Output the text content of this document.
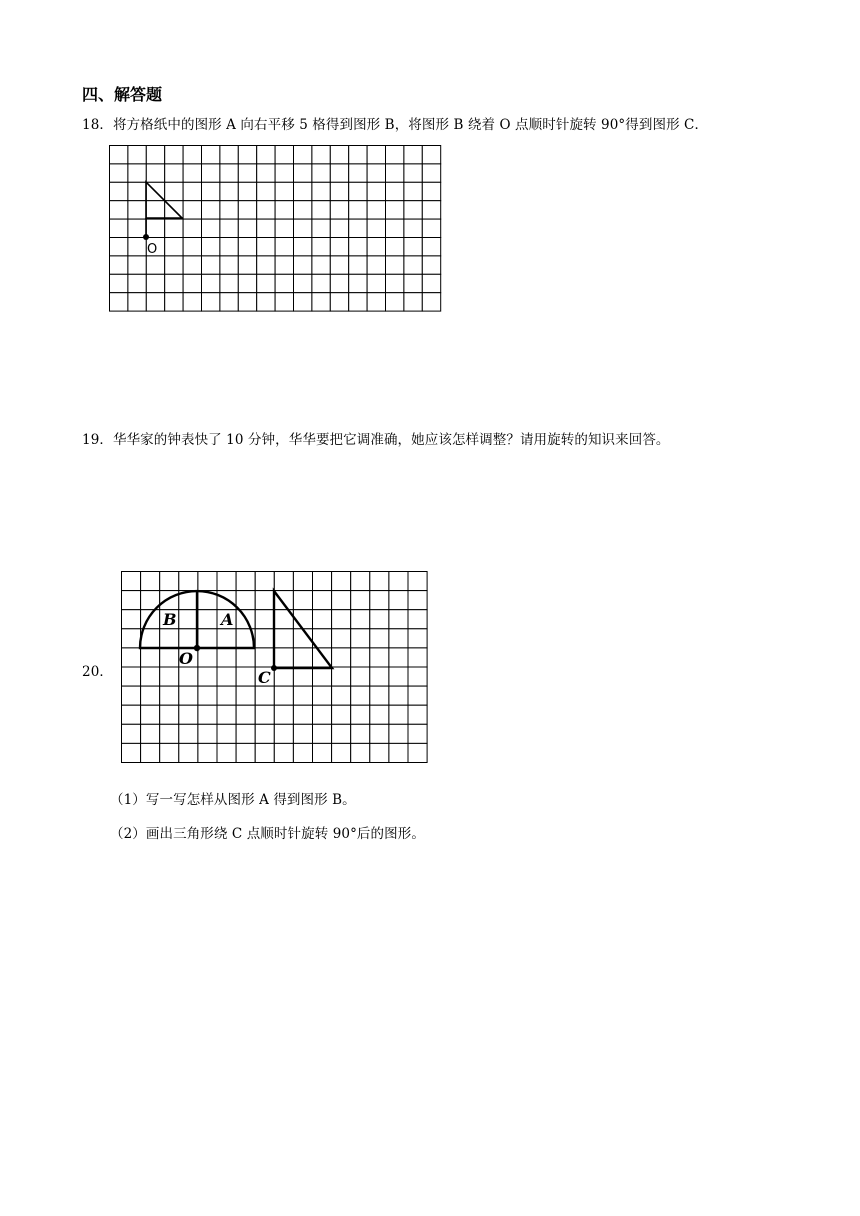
四、解答题
18．将方格纸中的图形 A 向右平移 5 格得到图形 B，将图形 B 绕着 O 点顺时针旋转 90°得到图形 C．
O
19．华华家的钟表快了 10 分钟，华华要把它调准确，她应该怎样调整？请用旋转的知识来回答。
20．
B	A
O
C
（1）写一写怎样从图形 A 得到图形 B。
（2）画出三角形绕 C 点顺时针旋转 90°后的图形。
